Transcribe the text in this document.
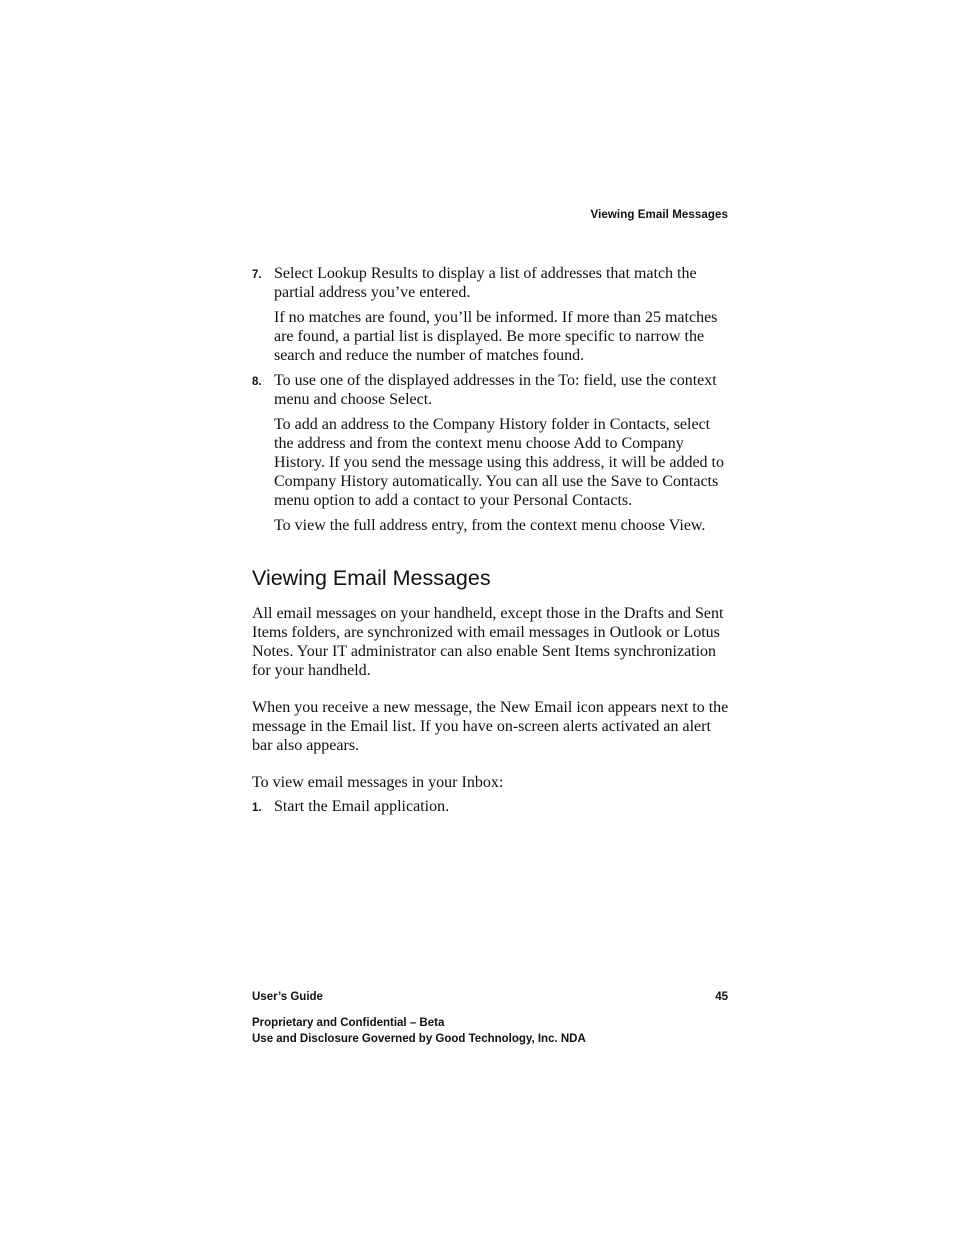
Viewing Email Messages
7. Select Lookup Results to display a list of addresses that match the partial address you’ve entered.

If no matches are found, you’ll be informed. If more than 25 matches are found, a partial list is displayed. Be more specific to narrow the search and reduce the number of matches found.

8. To use one of the displayed addresses in the To: field, use the context menu and choose Select.

To add an address to the Company History folder in Contacts, select the address and from the context menu choose Add to Company History. If you send the message using this address, it will be added to Company History automatically. You can all use the Save to Contacts menu option to add a contact to your Personal Contacts.

To view the full address entry, from the context menu choose View.

Viewing Email Messages

All email messages on your handheld, except those in the Drafts and Sent Items folders, are synchronized with email messages in Outlook or Lotus Notes. Your IT administrator can also enable Sent Items synchronization for your handheld.

When you receive a new message, the New Email icon appears next to the message in the Email list. If you have on-screen alerts activated an alert bar also appears.

To view email messages in your Inbox:

1. Start the Email application.
User’s Guide	45
Proprietary and Confidential – Beta
Use and Disclosure Governed by Good Technology, Inc. NDA
